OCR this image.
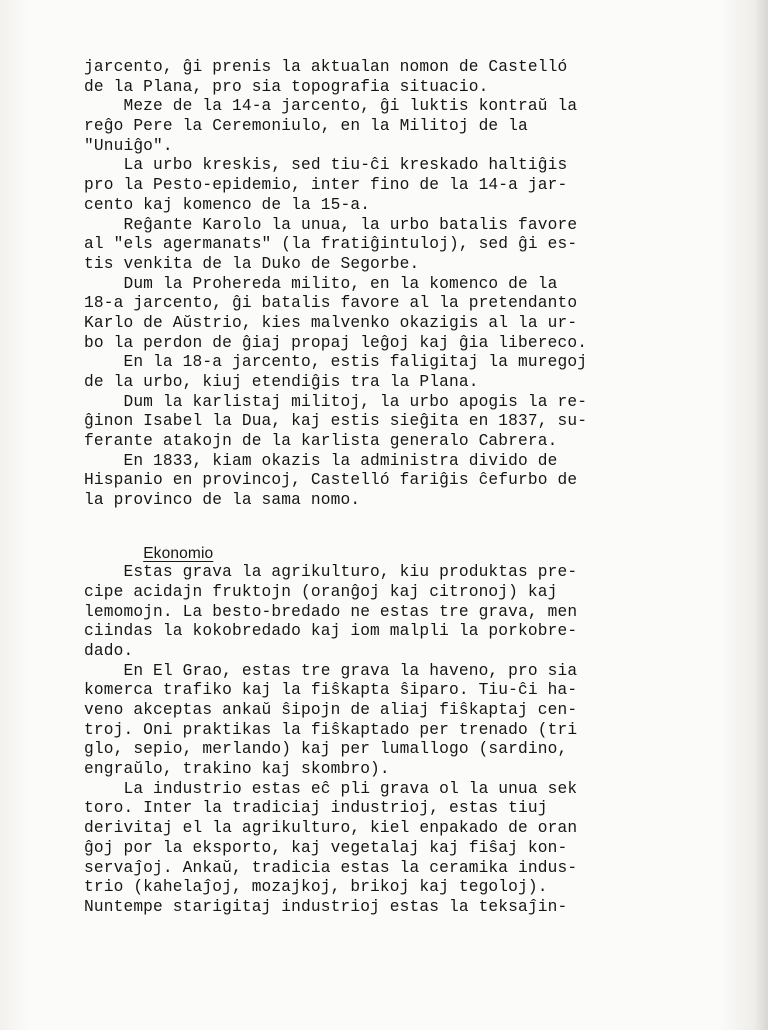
jarcento, ĝi prenis la aktualan nomon de Castelló
de la Plana, pro sia topografia situacio.
Meze de la 14-a jarcento, ĝi luktis kontraŭ la
reĝo Pere la Ceremoniulo, en la Militoj de la
"Unuiĝo".
La urbo kreskis, sed tiu-ĉi kreskado haltiĝis
pro la Pesto-epidemio, inter fino de la 14-a jar-
cento kaj komenco de la 15-a.
Reĝante Karolo la unua, la urbo batalis favore
al "els agermanats" (la fratiĝintuloj), sed ĝi es-
tis venkita de la Duko de Segorbe.
Dum la Prohereda milito, en la komenco de la
18-a jarcento, ĝi batalis favore al la pretendanto
Karlo de Aŭstrio, kies malvenko okazigis al la ur-
bo la perdon de ĝiaj propaj leĝoj kaj ĝia libereco.
En la 18-a jarcento, estis faligitaj la muregoj
de la urbo, kiuj etendiĝis tra la Plana.
Dum la karlistaj militoj, la urbo apogis la re-
ĝinon Isabel la Dua, kaj estis sieĝita en 1837, su-
ferante atakojn de la karlista generalo Cabrera.
En 1833, kiam okazis la administra divido de
Hispanio en provincoj, Castelló fariĝis ĉefurbo de
la provinco de la sama nomo.

Ekonomio

Estas grava la agrikulturo, kiu produktas pre-
cipe acidajn fruktojn (oranĝoj kaj citronoj) kaj
lemomojn. La besto-bredado ne estas tre grava, men
ciindas la kokobredado kaj iom malpli la porkobre-
dado.
En El Grao, estas tre grava la haveno, pro sia
komerca trafiko kaj la fiŝkapta ŝiparo. Tiu-ĉi ha-
veno akceptas ankaŭ ŝipojn de aliaj fiŝkaptaj cen-
troj. Oni praktikas la fiŝkaptado per trenado (tri
glo, sepio, merlando) kaj per lumallogo (sardino,
engraŭlo, trakino kaj skombro).
La industrio estas eĉ pli grava ol la unua sek
toro. Inter la tradiciaj industrioj, estas tiuj
derivitaj el la agrikulturo, kiel enpakado de oran
ĝoj por la eksporto, kaj vegetalaj kaj fiŝaj kon-
servaĵoj. Ankaŭ, tradicia estas la ceramika indus-
trio (kahelaĵoj, mozajkoj, brikoj kaj tegoloj).
Nuntempe starigitaj industrioj estas la teksaĵin-
